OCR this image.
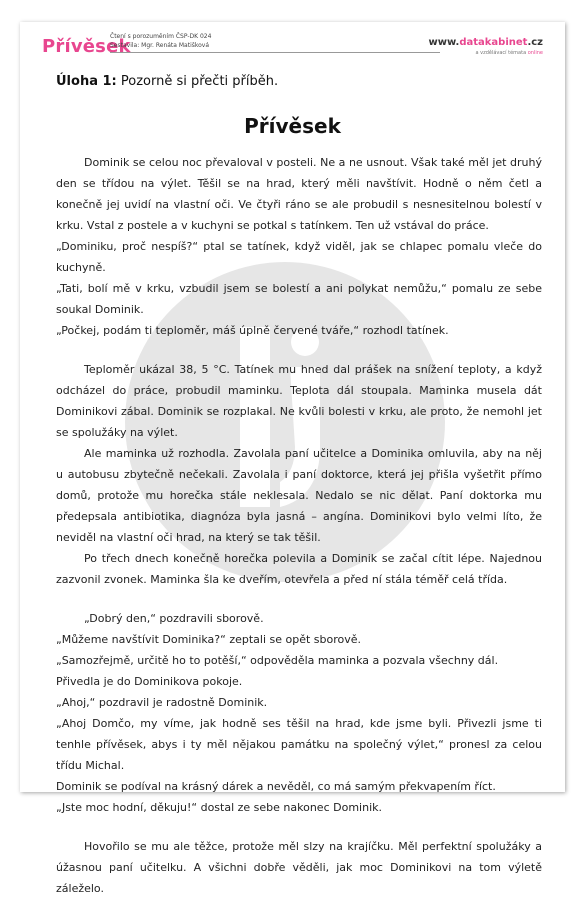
Přívěsek
Čtení s porozuměním ČSP-DK 024
Sestavila: Mgr. Renáta Matišková	www.datakabinet.cz
a vzdělávací témata online
Úloha 1: Pozorně si přečti příběh.
Přívěsek

Dominik se celou noc převaloval v posteli. Ne a ne usnout. Však také měl jet druhý den se třídou na výlet. Těšil se na hrad, který měli navštívit. Hodně o něm četl a konečně jej uvidí na vlastní oči. Ve čtyři ráno se ale probudil s nesnesitelnou bolestí v krku. Vstal z postele a v kuchyni se potkal s tatínkem. Ten už vstával do práce.

„Dominiku, proč nespíš?“ ptal se tatínek, když viděl, jak se chlapec pomalu vleče do kuchyně.

„Tati, bolí mě v krku, vzbudil jsem se bolestí a ani polykat nemůžu,“ pomalu ze sebe soukal Dominik.

„Počkej, podám ti teploměr, máš úplně červené tváře,“ rozhodl tatínek.

Teploměr ukázal 38, 5 °C. Tatínek mu hned dal prášek na snížení teploty, a když odcházel do práce, probudil maminku. Teplota dál stoupala. Maminka musela dát Dominikovi zábal. Dominik se rozplakal. Ne kvůli bolesti v krku, ale proto, že nemohl jet se spolužáky na výlet.

Ale maminka už rozhodla. Zavolala paní učitelce a Dominika omluvila, aby na něj u autobusu zbytečně nečekali. Zavolala i paní doktorce, která jej přišla vyšetřit přímo domů, protože mu horečka stále neklesala. Nedalo se nic dělat. Paní doktorka mu předepsala antibiotika, diagnóza byla jasná – angína. Dominikovi bylo velmi líto, že neviděl na vlastní oči hrad, na který se tak těšil.

Po třech dnech konečně horečka polevila a Dominik se začal cítit lépe. Najednou zazvonil zvonek. Maminka šla ke dveřím, otevřela a před ní stála téměř celá třída.

„Dobrý den,“ pozdravili sborově.

„Můžeme navštívit Dominika?“ zeptali se opět sborově.

„Samozřejmě, určitě ho to potěší,“ odpověděla maminka a pozvala všechny dál.

Přivedla je do Dominikova pokoje.

„Ahoj,“ pozdravil je radostně Dominik.

„Ahoj Domčo, my víme, jak hodně ses těšil na hrad, kde jsme byli. Přivezli jsme ti tenhle přívěsek, abys i ty měl nějakou památku na společný výlet,“ pronesl za celou třídu Michal.

Dominik se podíval na krásný dárek a nevěděl, co má samým překvapením říct.

„Jste moc hodní, děkuju!“ dostal ze sebe nakonec Dominik.

Hovořilo se mu ale těžce, protože měl slzy na krajíčku. Měl perfektní spolužáky a úžasnou paní učitelku. A všichni dobře věděli, jak moc Dominikovi na tom výletě záleželo.
